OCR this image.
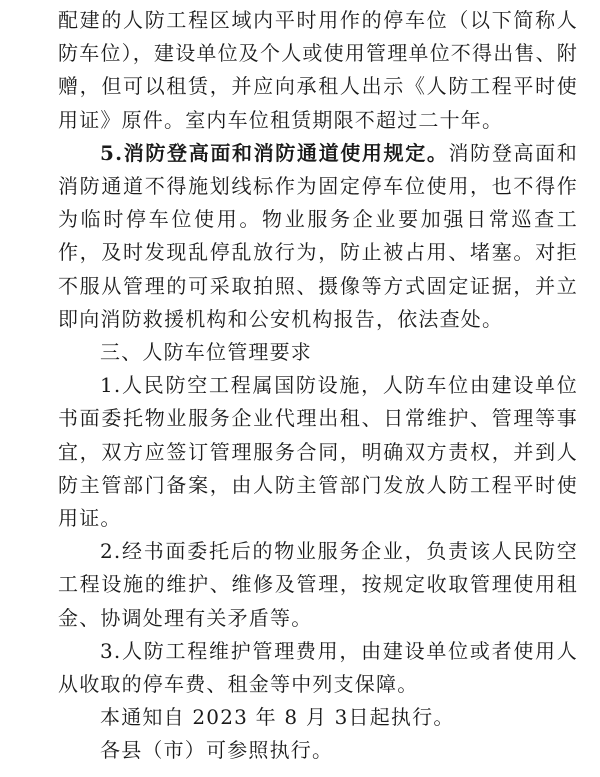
配建的人防工程区域内平时用作的停车位（以下简称人防车位），建设单位及个人或使用管理单位不得出售、附赠，但可以租赁，并应向承租人出示《人防工程平时使用证》原件。室内车位租赁期限不超过二十年。

5.消防登高面和消防通道使用规定。消防登高面和消防通道不得施划线标作为固定停车位使用，也不得作为临时停车位使用。物业服务企业要加强日常巡查工作，及时发现乱停乱放行为，防止被占用、堵塞。对拒不服从管理的可采取拍照、摄像等方式固定证据，并立即向消防救援机构和公安机构报告，依法查处。

三、人防车位管理要求

1.人民防空工程属国防设施，人防车位由建设单位书面委托物业服务企业代理出租、日常维护、管理等事宜，双方应签订管理服务合同，明确双方责权，并到人防主管部门备案，由人防主管部门发放人防工程平时使用证。

2.经书面委托后的物业服务企业，负责该人民防空工程设施的维护、维修及管理，按规定收取管理使用租金、协调处理有关矛盾等。

3.人防工程维护管理费用，由建设单位或者使用人从收取的停车费、租金等中列支保障。

本通知自 2023 年 8 月 3日起执行。

各县（市）可参照执行。
